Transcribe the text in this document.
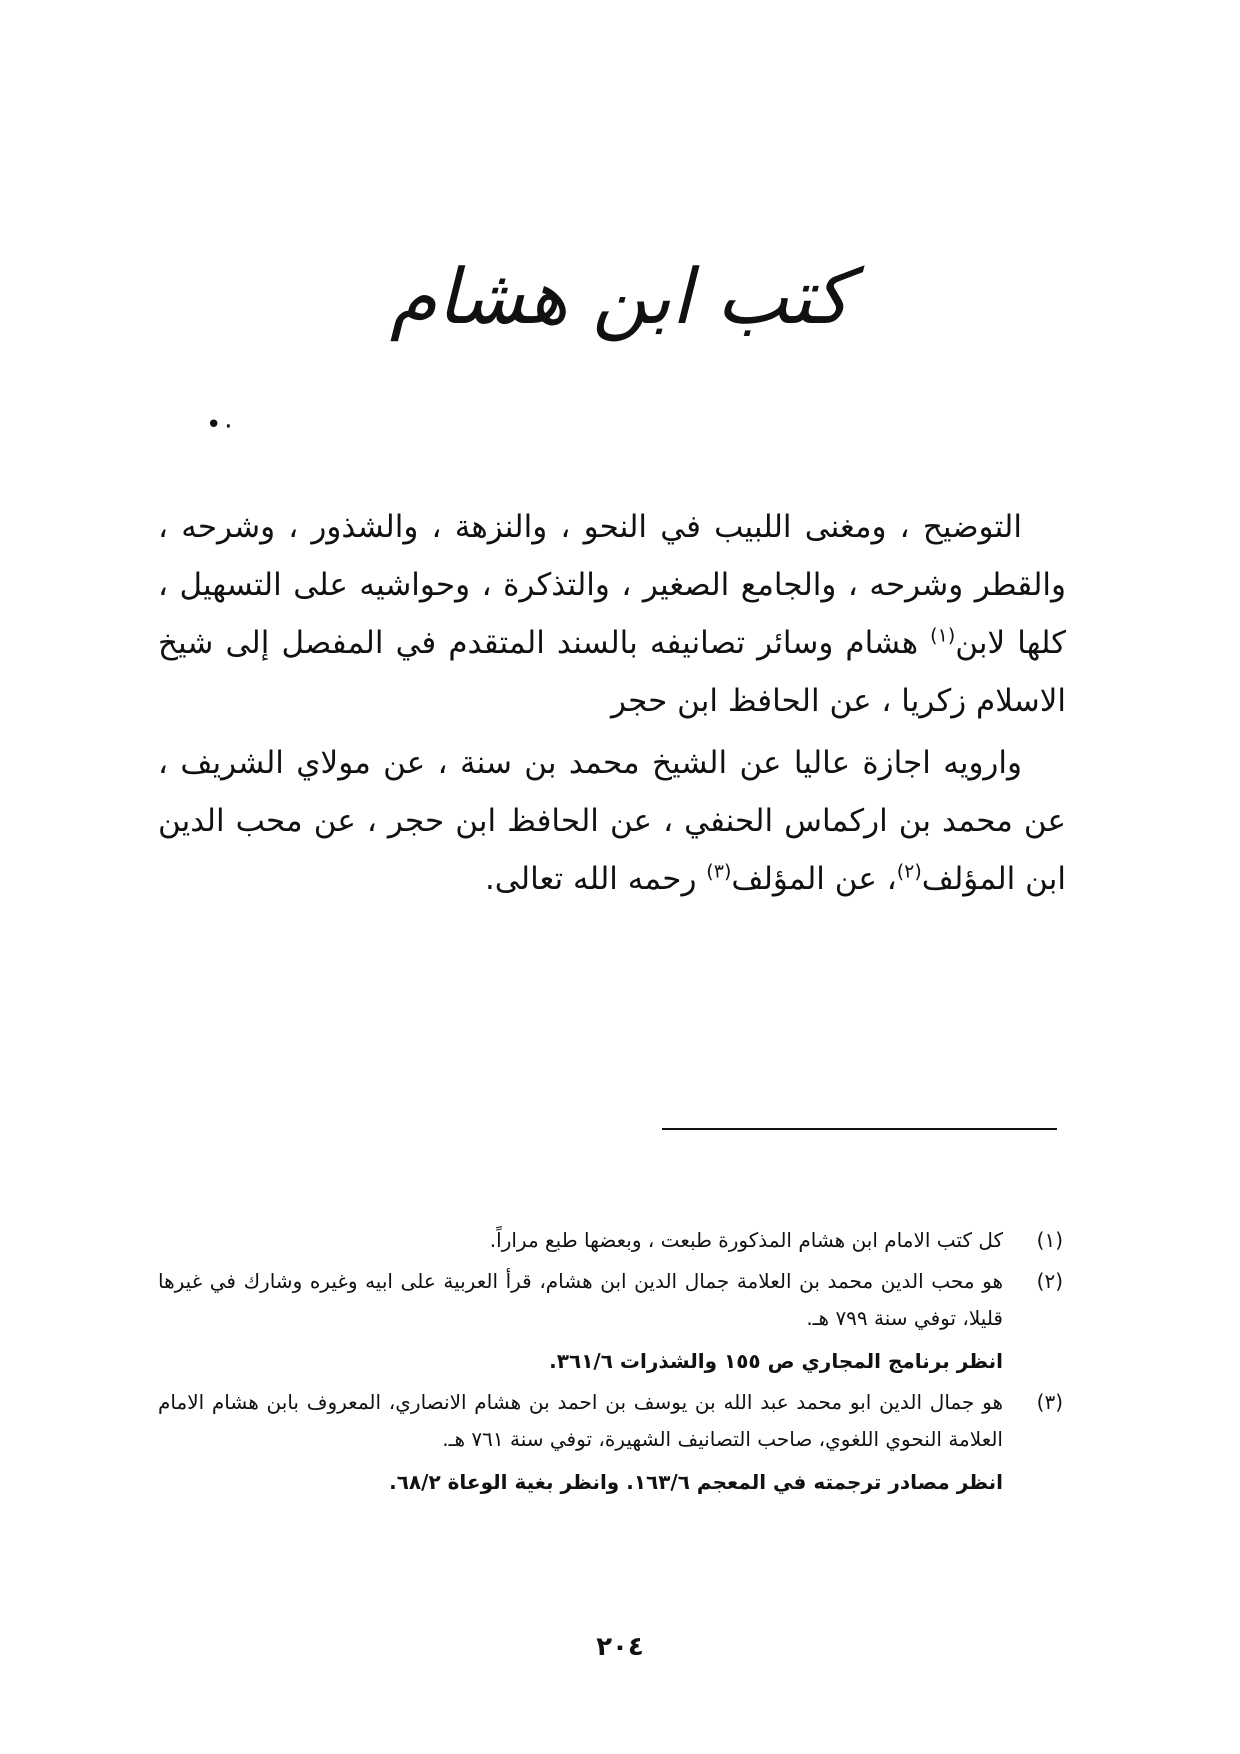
كتب ابن هشام
٠•

التوضيح ، ومغنى اللبيب في النحو ، والنزهة ، والشذور ، وشرحه ، والقطر وشرحه ، والجامع الصغير ، والتذكرة ، وحواشيه على التسهيل ، كلها لابن$^{(١)}$ هشام وسائر تصانيفه بالسند المتقدم في المفصل إلى شيخ الاسلام زكريا ، عن الحافظ ابن حجر

وارويه اجازة عاليا عن الشيخ محمد بن سنة ، عن مولاي الشريف ، عن محمد بن اركماس الحنفي ، عن الحافظ ابن حجر ، عن محب الدين ابن المؤلف$^{(٢)}$، عن المؤلف$^{(٣)}$ رحمه الله تعالى.

(١)
كل كتب الامام ابن هشام المذكورة طبعت ، وبعضها طبع مراراً.
(٢)
هو محب الدين محمد بن العلامة جمال الدين ابن هشام، قرأ العربية على ابيه وغيره وشارك في غيرها قليلا، توفي سنة ٧٩٩ هـ.
انظر برنامج المجاري ص ١٥٥ والشذرات ٣٦١/٦.
(٣)
هو جمال الدين ابو محمد عبد الله بن يوسف بن احمد بن هشام الانصاري، المعروف بابن هشام الامام العلامة النحوي اللغوي، صاحب التصانيف الشهيرة، توفي سنة ٧٦١ هـ.
انظر مصادر ترجمته في المعجم ١٦٣/٦. وانظر بغية الوعاة ٦٨/٢.
٢٠٤
